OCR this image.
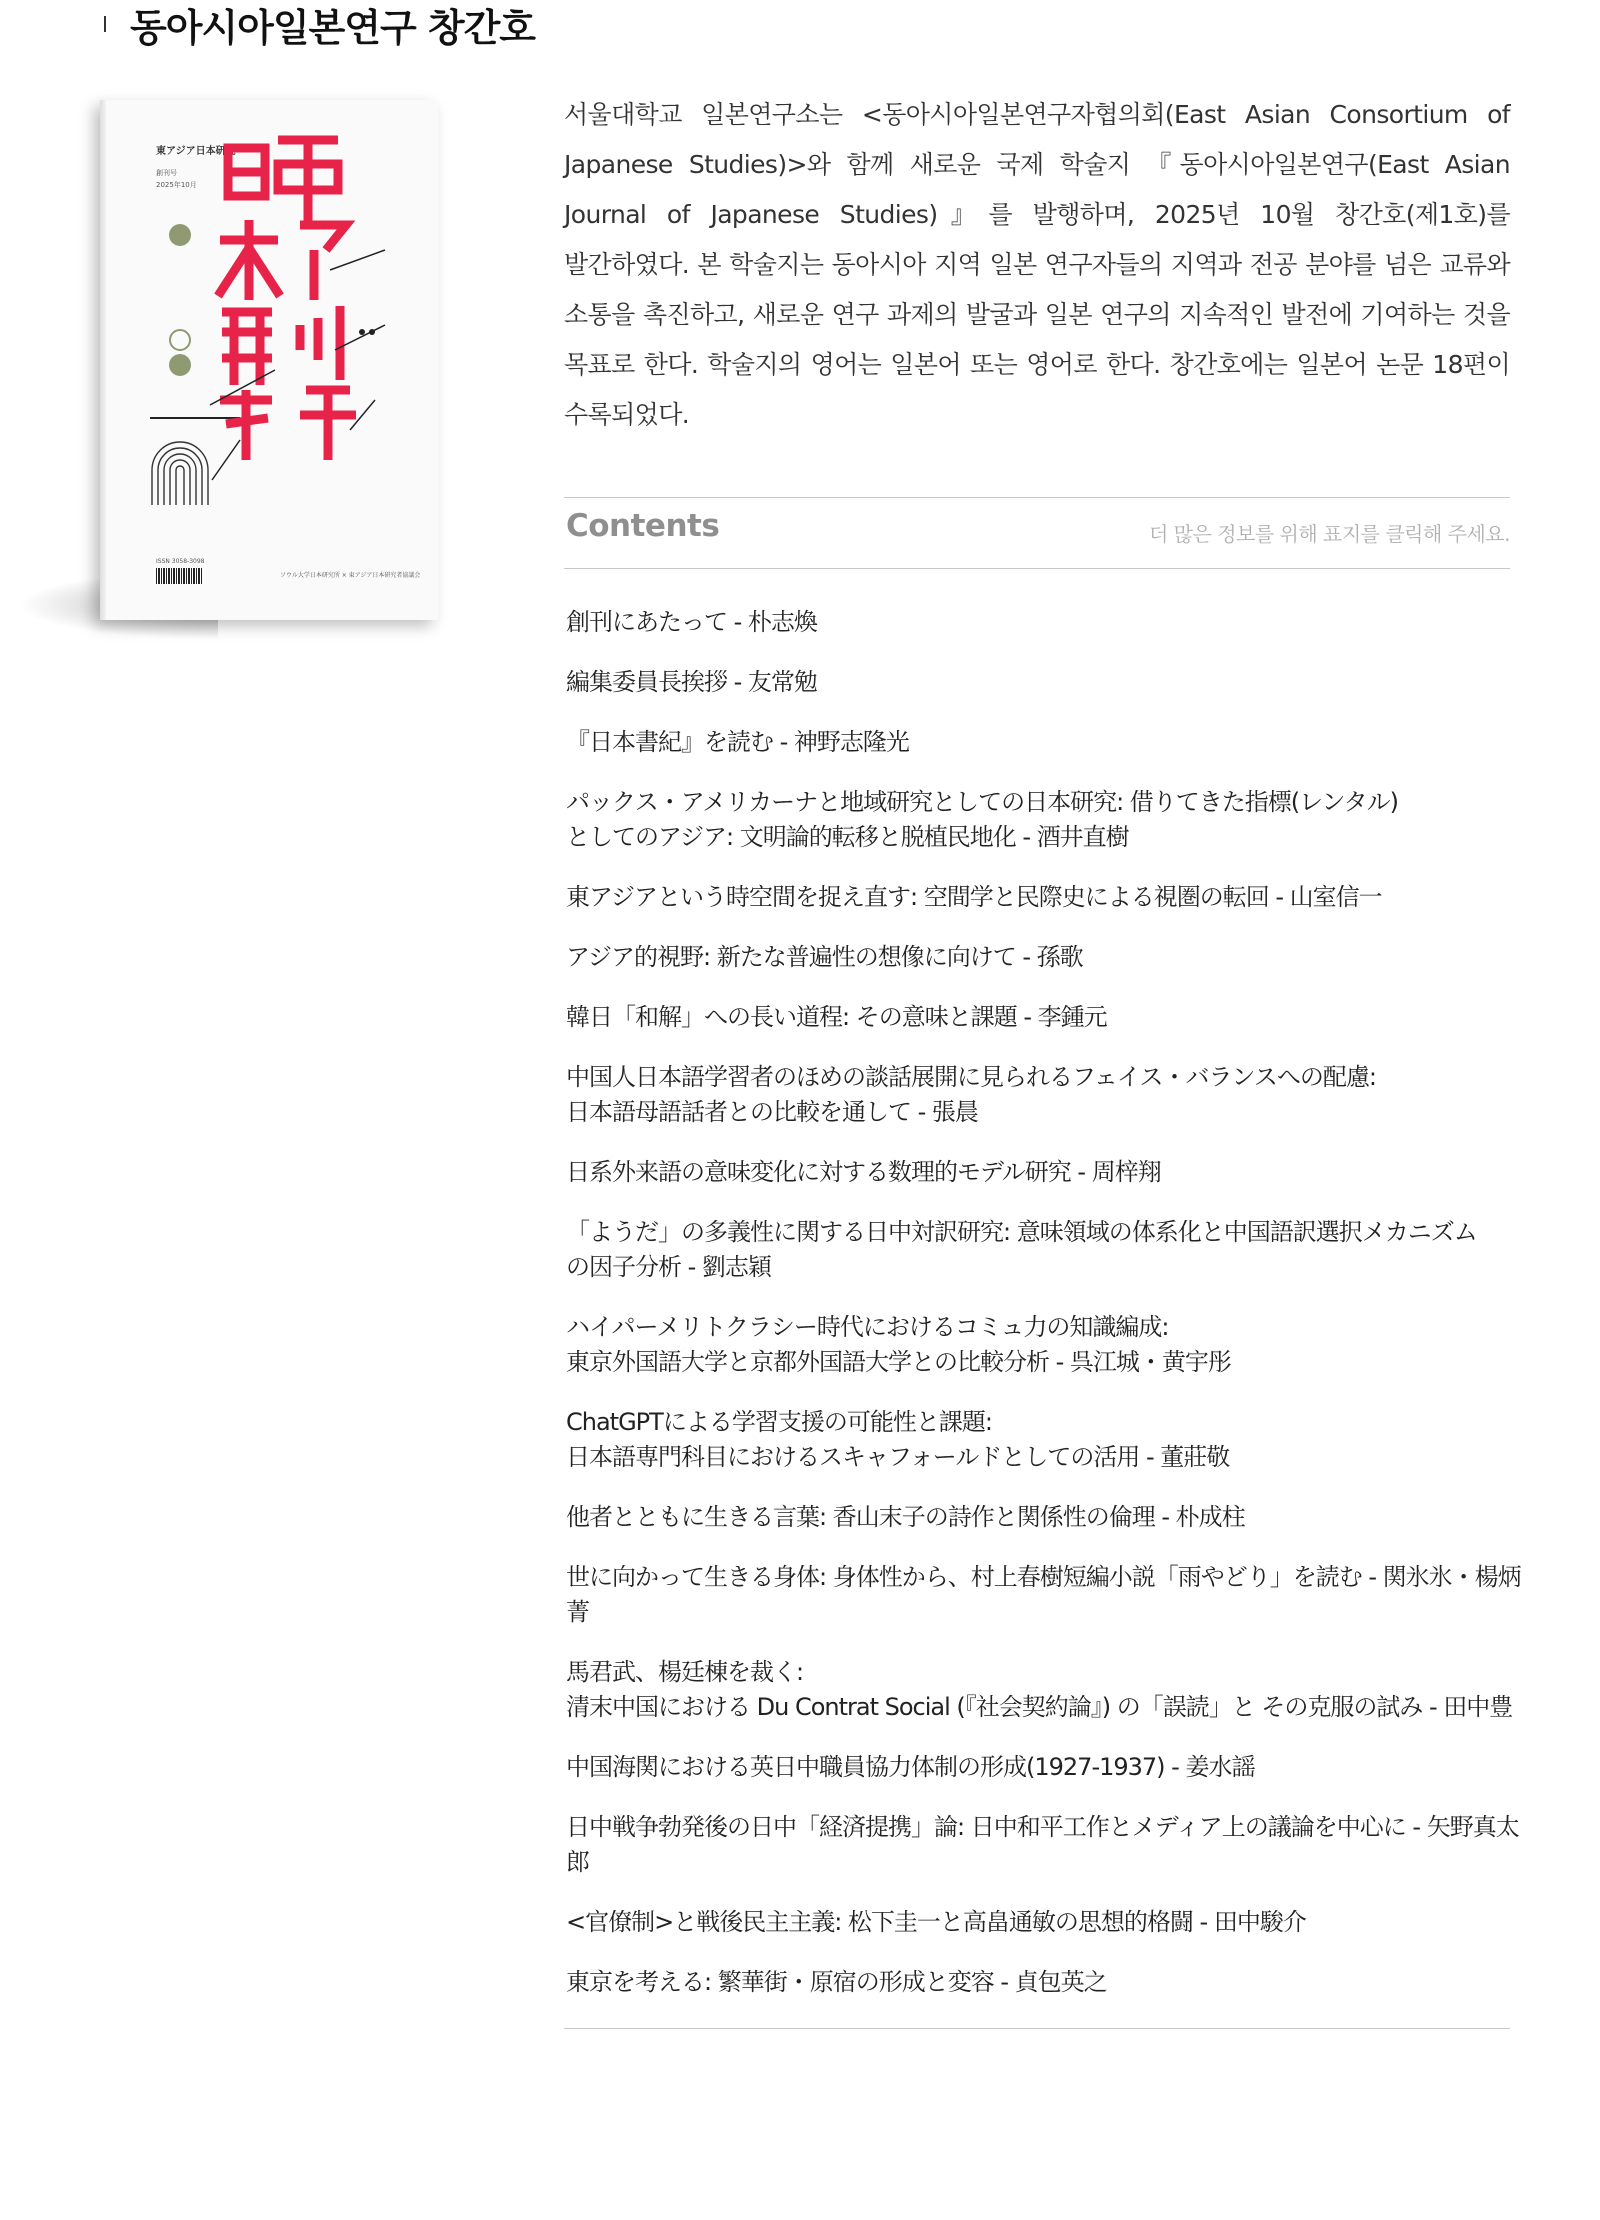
동아시아일본연구 창간호
東アジア日本研究
創刊号
2025年10月
ISSN 3058-3098
ソウル大学日本研究所 × 東アジア日本研究者協議会

서울대학교 일본연구소는 <동아시아일본연구자협의회(East Asian Consortium of Japanese Studies)>와 함께 새로운 국제 학술지 『동아시아일본연구(East Asian Journal of Japanese Studies)』를 발행하며, 2025년 10월 창간호(제1호)를 발간하였다. 본 학술지는 동아시아 지역 일본 연구자들의 지역과 전공 분야를 넘은 교류와 소통을 촉진하고, 새로운 연구 과제의 발굴과 일본 연구의 지속적인 발전에 기여하는 것을 목표로 한다. 학술지의 영어는 일본어 또는 영어로 한다. 창간호에는 일본어 논문 18편이 수록되었다.

Contents	더 많은 정보를 위해 표지를 클릭해 주세요.
創刊にあたって - 朴志煥
編集委員長挨拶 - 友常勉
『日本書紀』を読む - 神野志隆光
パックス・アメリカーナと地域研究としての日本研究: 借りてきた指標(レンタル)
としてのアジア: 文明論的転移と脱植民地化 - 酒井直樹
東アジアという時空間を捉え直す: 空間学と民際史による視圏の転回 - 山室信一
アジア的視野: 新たな普遍性の想像に向けて - 孫歌
韓日「和解」への長い道程: その意味と課題 - 李鍾元
中国人日本語学習者のほめの談話展開に見られるフェイス・バランスへの配慮:
日本語母語話者との比較を通して - 張晨
日系外来語の意味変化に対する数理的モデル研究 - 周梓翔
「ようだ」の多義性に関する日中対訳研究: 意味領域の体系化と中国語訳選択メカニズム
の因子分析 - 劉志穎
ハイパーメリトクラシー時代におけるコミュ力の知識編成:
東京外国語大学と京都外国語大学との比較分析 - 呉江城・黄宇彤
ChatGPTによる学習支援の可能性と課題:
日本語専門科目におけるスキャフォールドとしての活用 - 董莊敬
他者とともに生きる言葉: 香山末子の詩作と関係性の倫理 - 朴成柱
世に向かって生きる身体: 身体性から、村上春樹短編小説「雨やどり」を読む - 関氷氷・楊炳菁
馬君武、楊廷棟を裁く:
清末中国における Du Contrat Social (『社会契約論』) の「誤読」と その克服の試み - 田中豊
中国海関における英日中職員協力体制の形成(1927-1937) - 姜水謡
日中戦争勃発後の日中「経済提携」論: 日中和平工作とメディア上の議論を中心に - 矢野真太郎
<官僚制>と戦後民主主義: 松下圭一と高畠通敏の思想的格闘 - 田中駿介
東京を考える: 繁華街・原宿の形成と変容 - 貞包英之
